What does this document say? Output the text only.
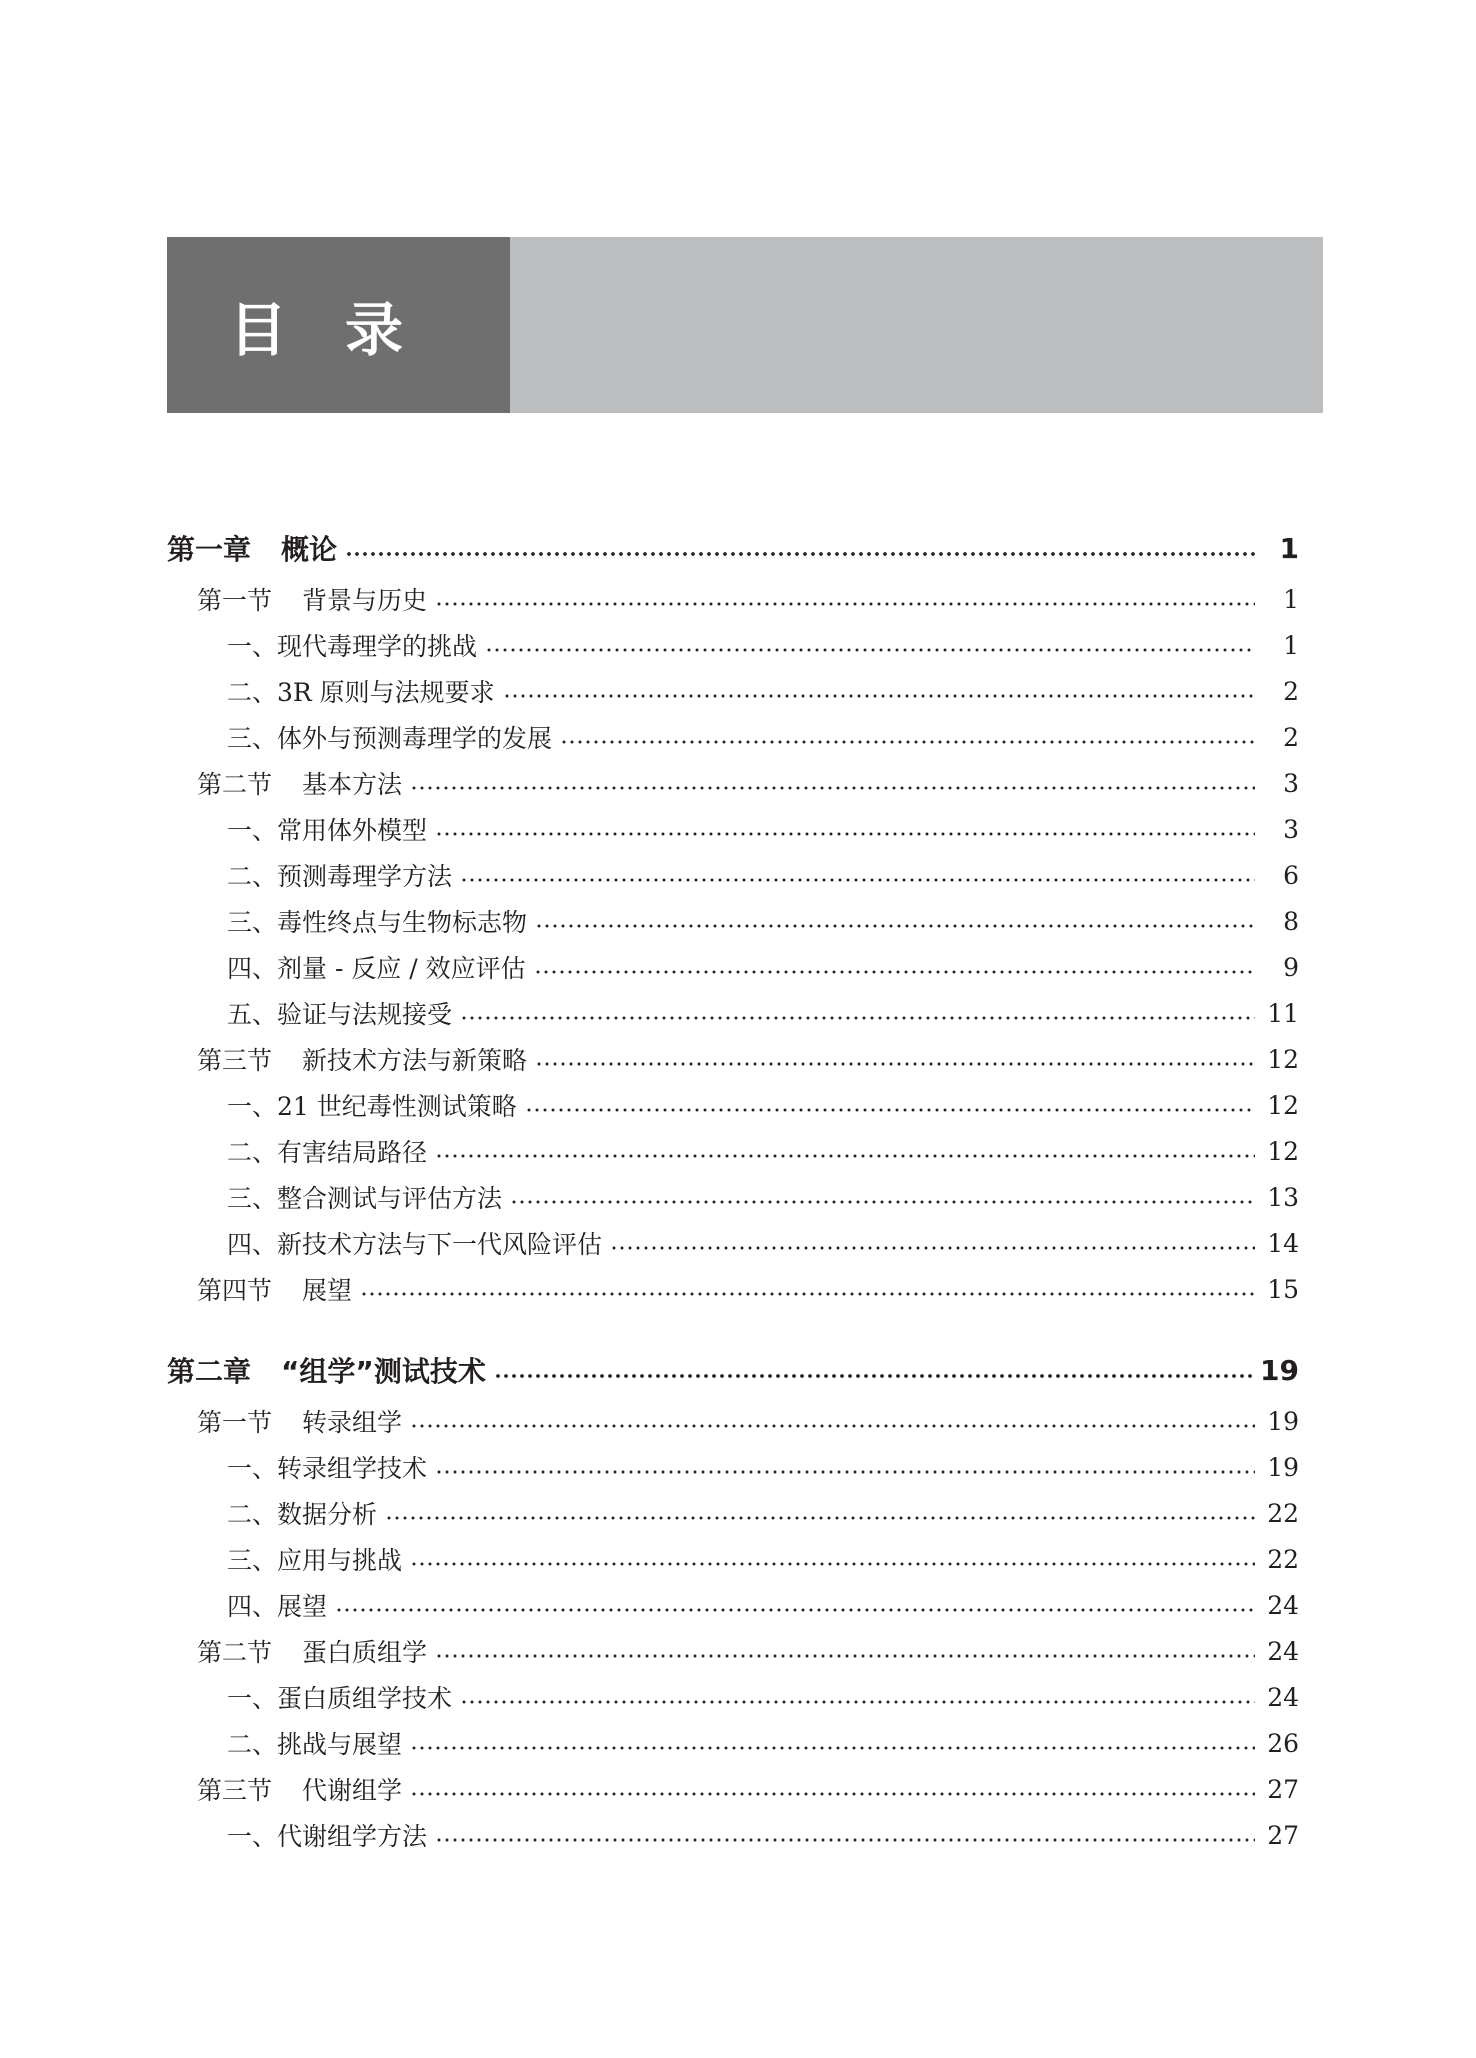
目录
第一章 概论	1
第一节 背景与历史	1
一、现代毒理学的挑战	1
二、3R 原则与法规要求	2
三、体外与预测毒理学的发展	2
第二节 基本方法	3
一、常用体外模型	3
二、预测毒理学方法	6
三、毒性终点与生物标志物	8
四、剂量 - 反应 / 效应评估	9
五、验证与法规接受	11
第三节 新技术方法与新策略	12
一、21 世纪毒性测试策略	12
二、有害结局路径	12
三、整合测试与评估方法	13
四、新技术方法与下一代风险评估	14
第四节 展望	15
第二章 “组学”测试技术	19
第一节 转录组学	19
一、转录组学技术	19
二、数据分析	22
三、应用与挑战	22
四、展望	24
第二节 蛋白质组学	24
一、蛋白质组学技术	24
二、挑战与展望	26
第三节 代谢组学	27
一、代谢组学方法	27
